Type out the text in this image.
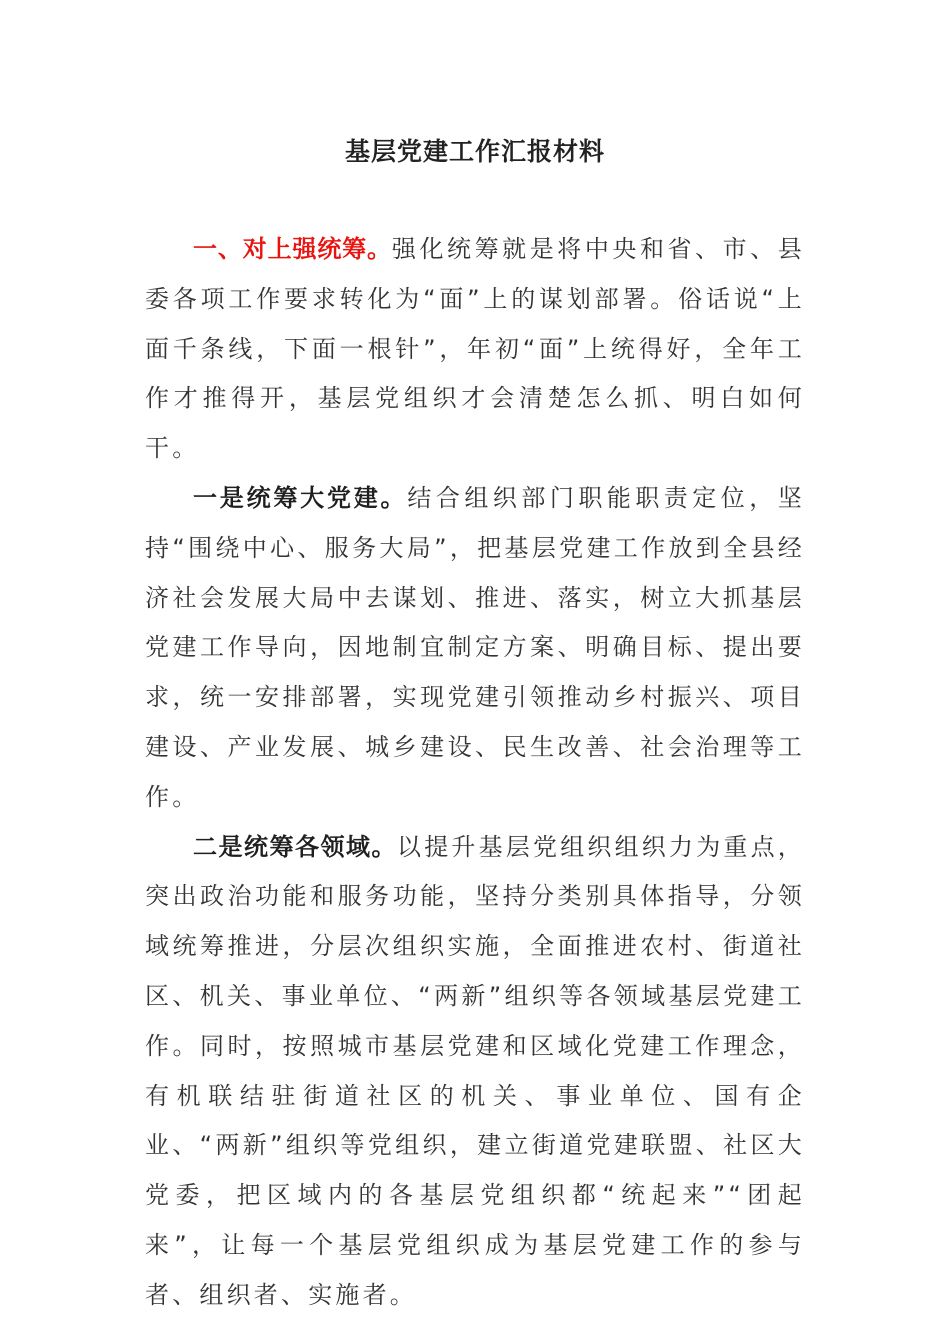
基层党建工作汇报材料

一、对上强统筹。强化统筹就是将中央和省、市、县委各项工作要求转化为“面”上的谋划部署。俗话说“上面千条线，下面一根针”，年初“面”上统得好，全年工作才推得开，基层党组织才会清楚怎么抓、明白如何干。

一是统筹大党建。结合组织部门职能职责定位，坚持“围绕中心、服务大局”，把基层党建工作放到全县经济社会发展大局中去谋划、推进、落实，树立大抓基层党建工作导向，因地制宜制定方案、明确目标、提出要求，统一安排部署，实现党建引领推动乡村振兴、项目建设、产业发展、城乡建设、民生改善、社会治理等工作。

二是统筹各领域。以提升基层党组织组织力为重点，突出政治功能和服务功能，坚持分类别具体指导，分领域统筹推进，分层次组织实施，全面推进农村、街道社区、机关、事业单位、“两新”组织等各领域基层党建工作。同时，按照城市基层党建和区域化党建工作理念，有机联结驻街道社区的机关、事业单位、国有企业、“两新”组织等党组织，建立街道党建联盟、社区大党委，把区域内的各基层党组织都“统起来”“团起来”，让每一个基层党组织成为基层党建工作的参与者、组织者、实施者。
